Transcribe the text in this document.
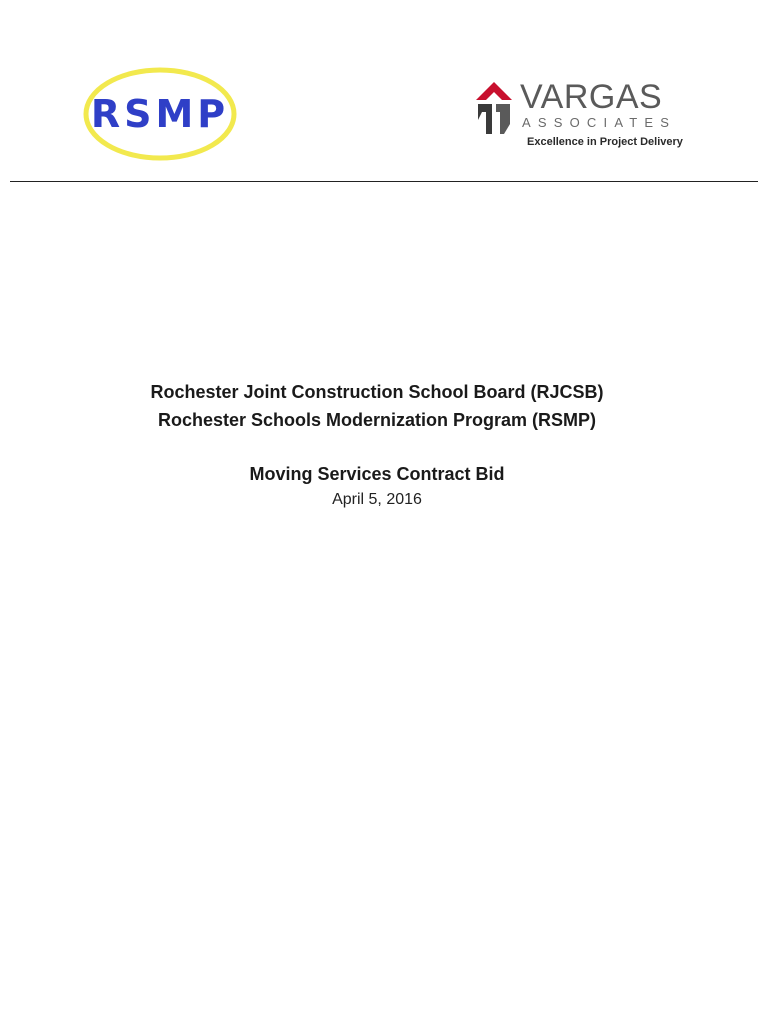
RSMP	VARGAS
ASSOCIATES
Excellence in Project Delivery
Rochester Joint Construction School Board (RJCSB)
Rochester Schools Modernization Program (RSMP)
Moving Services Contract Bid
April 5, 2016
